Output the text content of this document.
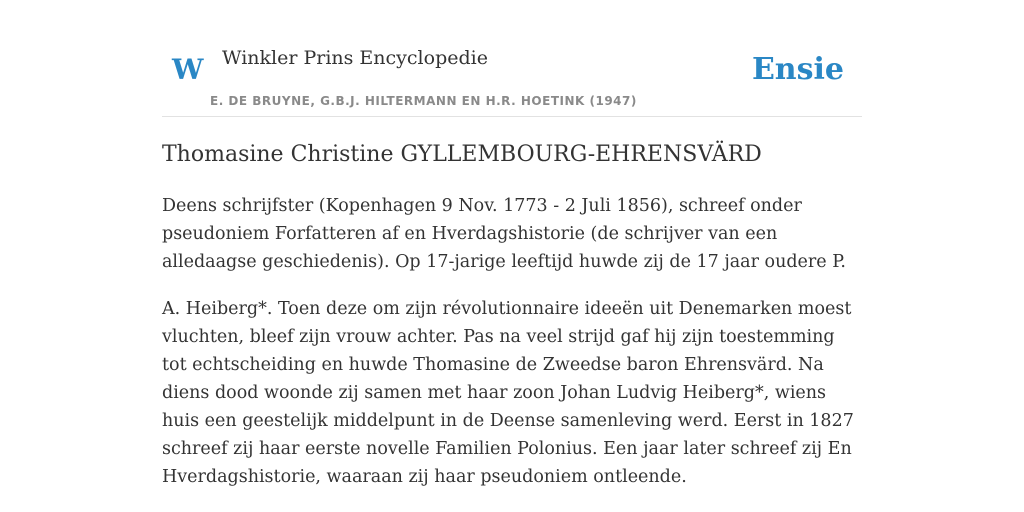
W Winkler Prins Encyclopedie
E. DE BRUYNE, G.B.J. HILTERMANN EN H.R. HOETINK (1947)
Ensie
Thomasine Christine GYLLEMBOURG-EHRENSVÄRD

Deens schrijfster (Kopenhagen 9 Nov. 1773 - 2 Juli 1856), schreef onder pseudoniem Forfatteren af en Hverdagshistorie (de schrijver van een alledaagse geschiedenis). Op 17-jarige leeftijd huwde zij de 17 jaar oudere P.

A. Heiberg*. Toen deze om zijn révolutionnaire ideeën uit Denemarken moest vluchten, bleef zijn vrouw achter. Pas na veel strijd gaf hij zijn toestemming tot echtscheiding en huwde Thomasine de Zweedse baron Ehrensvärd. Na diens dood woonde zij samen met haar zoon Johan Ludvig Heiberg*, wiens huis een geestelijk middelpunt in de Deense samenleving werd. Eerst in 1827 schreef zij haar eerste novelle Familien Polonius. Een jaar later schreef zij En Hverdagshistorie, waaraan zij haar pseudoniem ontleende.
